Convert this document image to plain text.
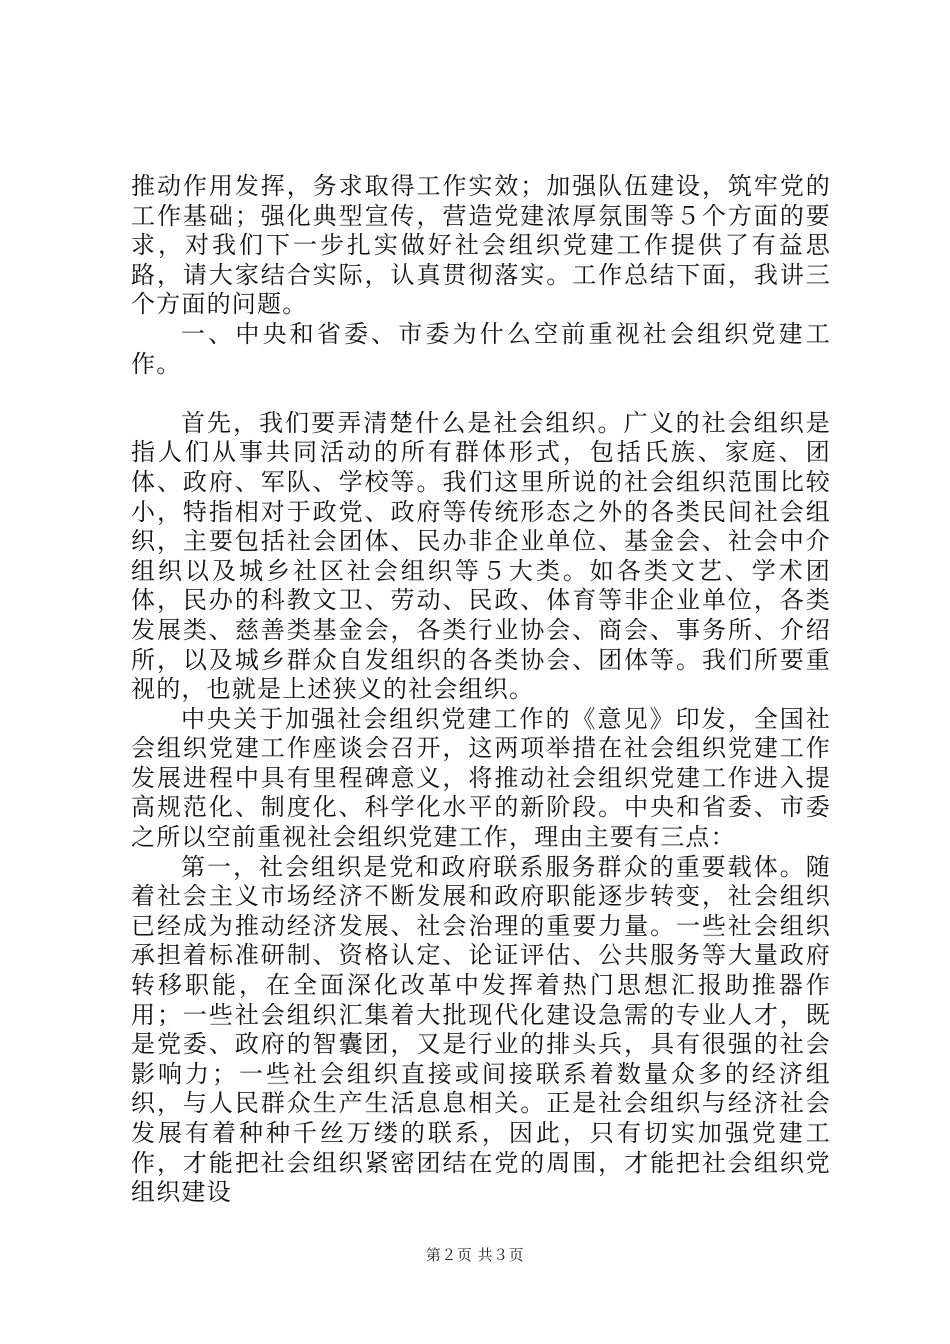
推动作用发挥，务求取得工作实效；加强队伍建设，筑牢党的工作基础；强化典型宣传，营造党建浓厚氛围等５个方面的要求，对我们下一步扎实做好社会组织党建工作提供了有益思路，请大家结合实际，认真贯彻落实。工作总结下面，我讲三个方面的问题。

一、中央和省委、市委为什么空前重视社会组织党建工作。

首先，我们要弄清楚什么是社会组织。广义的社会组织是指人们从事共同活动的所有群体形式，包括氏族、家庭、团体、政府、军队、学校等。我们这里所说的社会组织范围比较小，特指相对于政党、政府等传统形态之外的各类民间社会组织，主要包括社会团体、民办非企业单位、基金会、社会中介组织以及城乡社区社会组织等５大类。如各类文艺、学术团体，民办的科教文卫、劳动、民政、体育等非企业单位，各类发展类、慈善类基金会，各类行业协会、商会、事务所、介绍所，以及城乡群众自发组织的各类协会、团体等。我们所要重视的，也就是上述狭义的社会组织。

中央关于加强社会组织党建工作的《意见》印发，全国社会组织党建工作座谈会召开，这两项举措在社会组织党建工作发展进程中具有里程碑意义，将推动社会组织党建工作进入提高规范化、制度化、科学化水平的新阶段。中央和省委、市委之所以空前重视社会组织党建工作，理由主要有三点：

第一，社会组织是党和政府联系服务群众的重要载体。随着社会主义市场经济不断发展和政府职能逐步转变，社会组织已经成为推动经济发展、社会治理的重要力量。一些社会组织承担着标准研制、资格认定、论证评估、公共服务等大量政府转移职能，在全面深化改革中发挥着热门思想汇报助推器作用；一些社会组织汇集着大批现代化建设急需的专业人才，既是党委、政府的智囊团，又是行业的排头兵，具有很强的社会影响力；一些社会组织直接或间接联系着数量众多的经济组织，与人民群众生产生活息息相关。正是社会组织与经济社会发展有着种种千丝万缕的联系，因此，只有切实加强党建工作，才能把社会组织紧密团结在党的周围，才能把社会组织党组织建设

第２页 共３页
